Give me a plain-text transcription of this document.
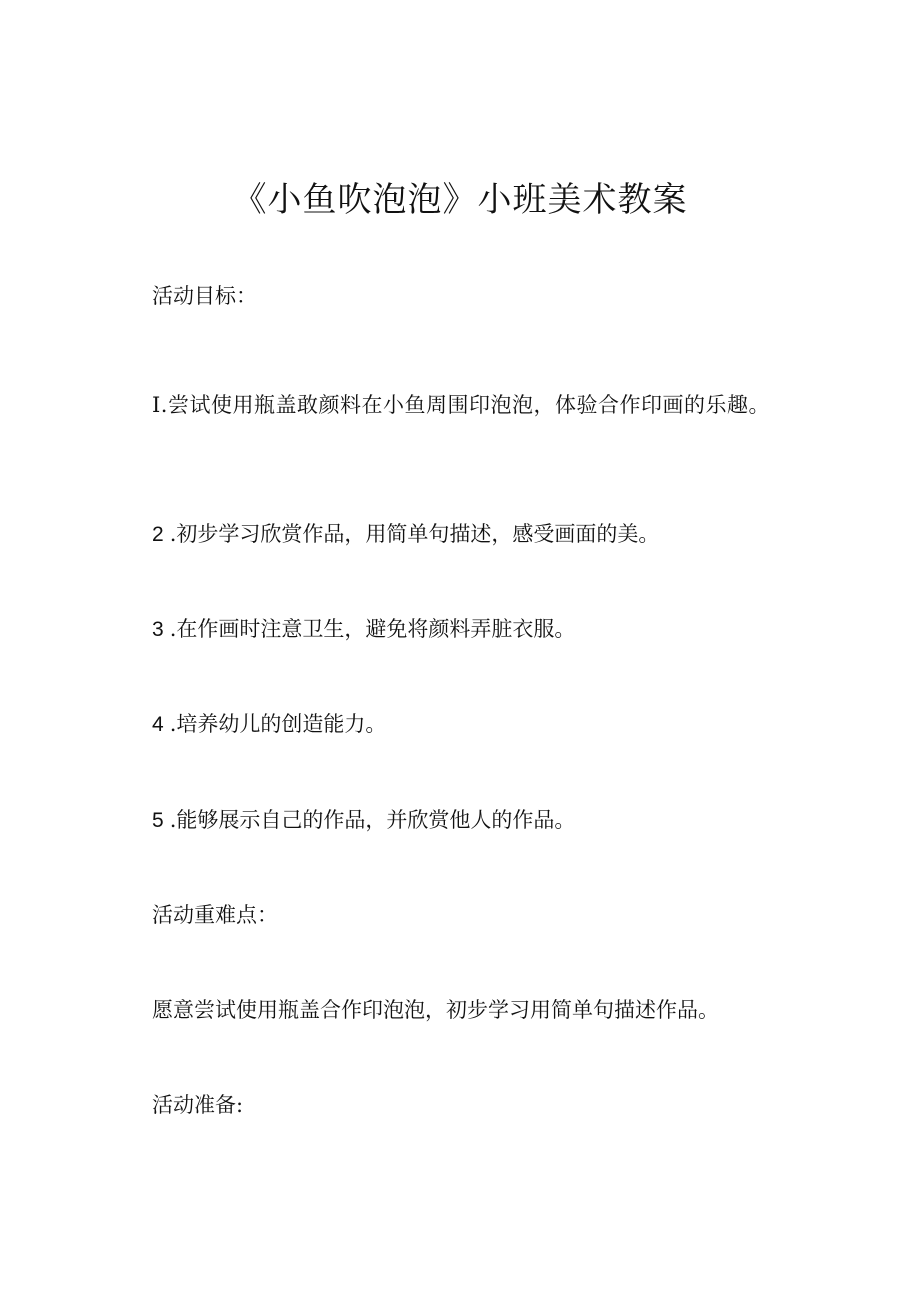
《小鱼吹泡泡》小班美术教案

活动目标：

I.尝试使用瓶盖敢颜料在小鱼周围印泡泡，体验合作印画的乐趣。

2 .初步学习欣赏作品，用简单句描述，感受画面的美。

3 .在作画时注意卫生，避免将颜料弄脏衣服。

4 .培养幼儿的创造能力。

5 .能够展示自己的作品，并欣赏他人的作品。

活动重难点：

愿意尝试使用瓶盖合作印泡泡，初步学习用简单句描述作品。

活动准备:
